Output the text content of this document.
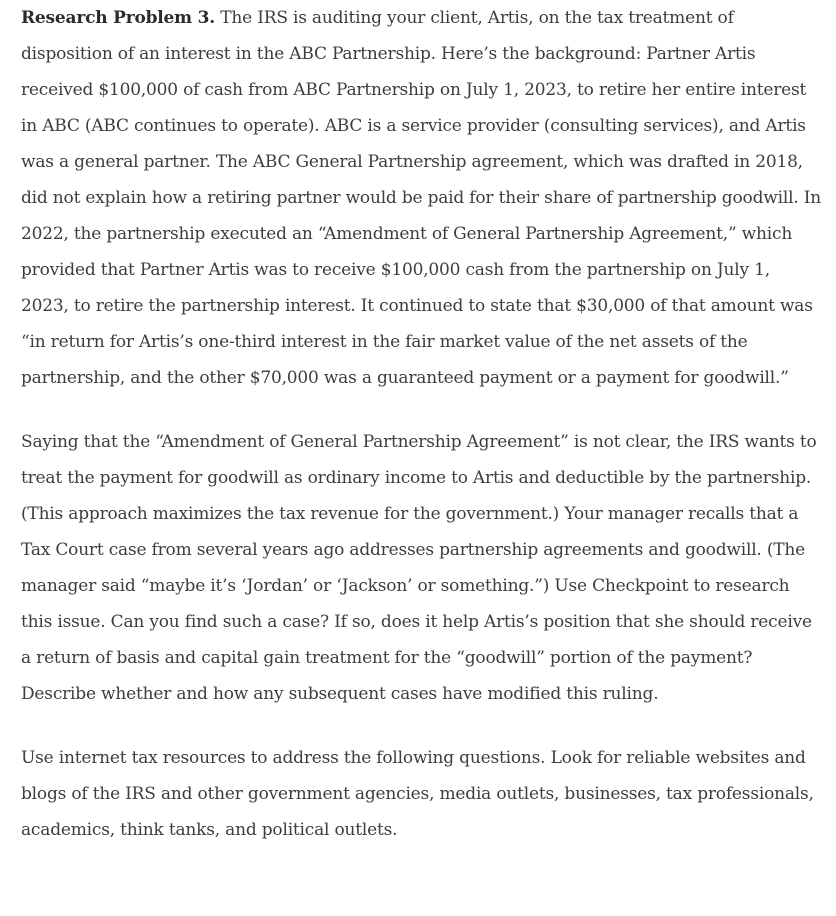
Research Problem 3. The IRS is auditing your client, Artis, on the tax treatment of disposition of an interest in the ABC Partnership. Here’s the background: Partner Artis received $100,000 of cash from ABC Partnership on July 1, 2023, to retire her entire interest in ABC (ABC continues to operate). ABC is a service provider (consulting services), and Artis was a general partner. The ABC General Partnership agreement, which was drafted in 2018, did not explain how a retiring partner would be paid for their share of partnership goodwill. In 2022, the partnership executed an “Amendment of General Partnership Agreement,” which provided that Partner Artis was to receive $100,000 cash from the partnership on July 1, 2023, to retire the partnership interest. It continued to state that $30,000 of that amount was “in return for Artis’s one-third interest in the fair market value of the net assets of the partnership, and the other $70,000 was a guaranteed payment or a payment for goodwill.”

Saying that the “Amendment of General Partnership Agreement” is not clear, the IRS wants to treat the payment for goodwill as ordinary income to Artis and deductible by the partnership. (This approach maximizes the tax revenue for the government.) Your manager recalls that a Tax Court case from several years ago addresses partnership agreements and goodwill. (The manager said “maybe it’s ‘Jordan’ or ‘Jackson’ or something.”) Use Checkpoint to research this issue. Can you find such a case? If so, does it help Artis’s position that she should receive a return of basis and capital gain treatment for the “goodwill” portion of the payment? Describe whether and how any subsequent cases have modified this ruling.

Use internet tax resources to address the following questions. Look for reliable websites and blogs of the IRS and other government agencies, media outlets, businesses, tax professionals, academics, think tanks, and political outlets.
